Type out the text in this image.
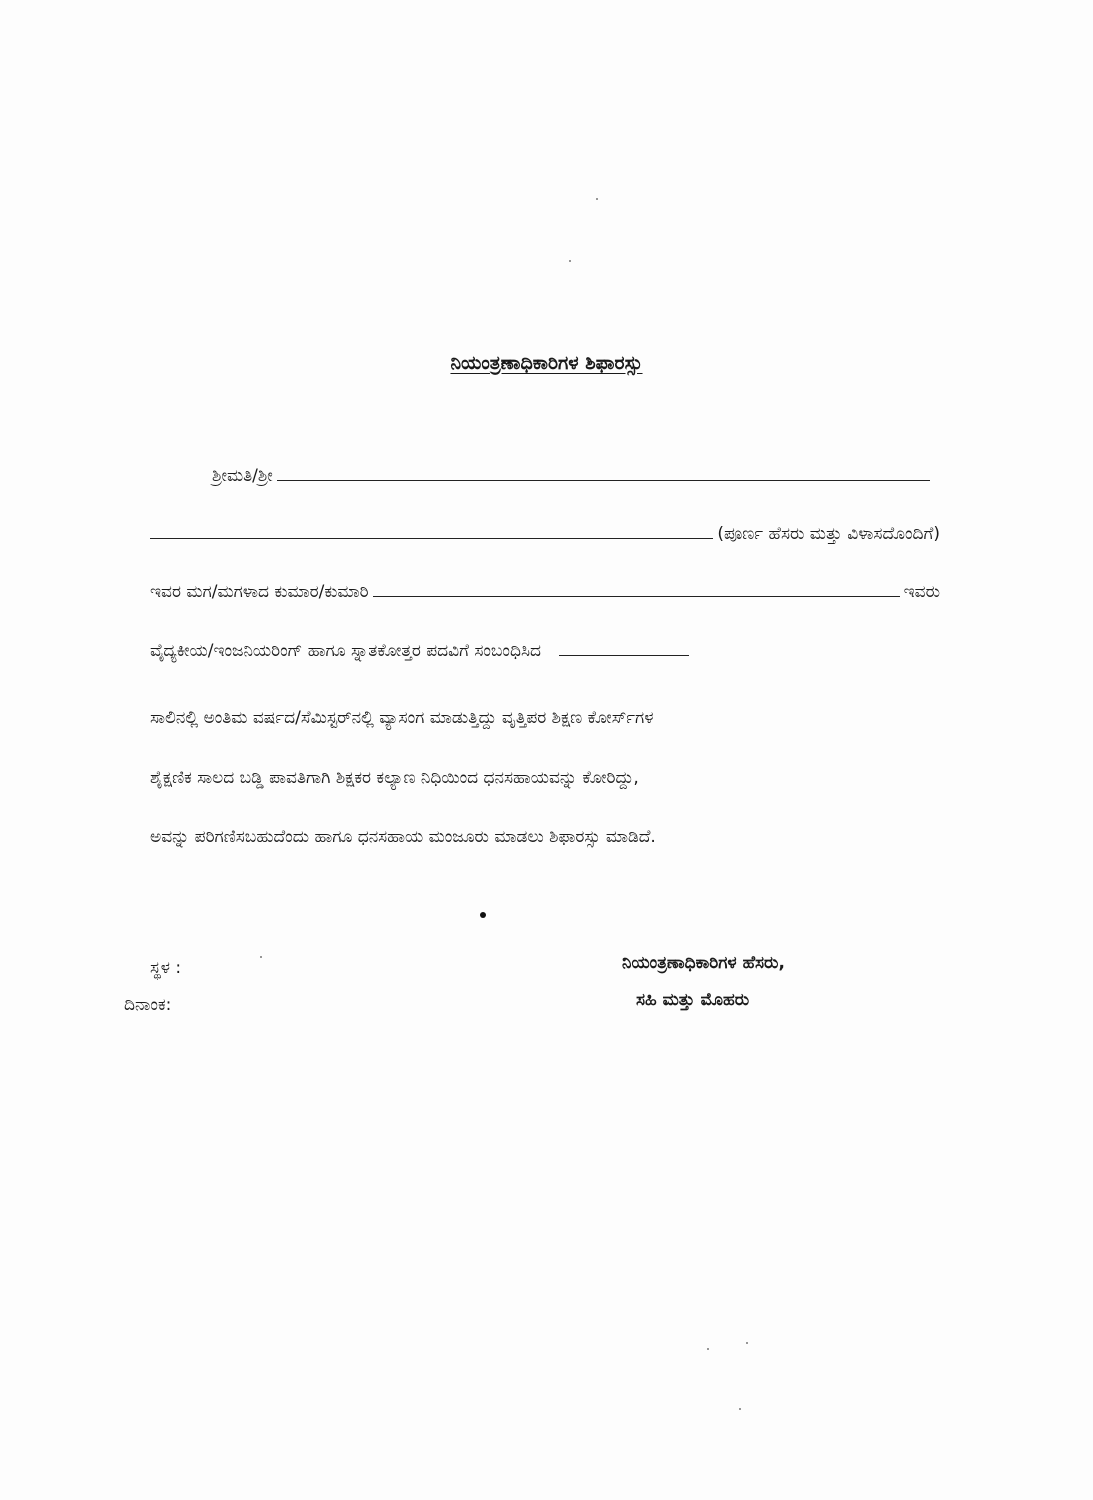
ನಿಯಂತ್ರಣಾಧಿಕಾರಿಗಳ ಶಿಫಾರಸ್ಸು
ಶ್ರೀಮತಿ/ಶ್ರೀ
(ಪೂರ್ಣ ಹೆಸರು ಮತ್ತು ವಿಳಾಸದೊಂದಿಗೆ)
ಇವರ ಮಗ/ಮಗಳಾದ ಕುಮಾರ/ಕುಮಾರಿ	ಇವರು
ವೈದ್ಯಕೀಯ/ಇಂಜನಿಯರಿಂಗ್ ಹಾಗೂ ಸ್ನಾತಕೋತ್ತರ ಪದವಿಗೆ ಸಂಬಂಧಿಸಿದ
ಸಾಲಿನಲ್ಲಿ ಅಂತಿಮ ವರ್ಷದ/ಸೆಮಿಸ್ಟರ್‌ನಲ್ಲಿ ವ್ಯಾಸಂಗ ಮಾಡುತ್ತಿದ್ದು ವೃತ್ತಿಪರ ಶಿಕ್ಷಣ ಕೋರ್ಸ್‌ಗಳ
ಶೈಕ್ಷಣಿಕ ಸಾಲದ ಬಡ್ಡಿ ಪಾವತಿಗಾಗಿ ಶಿಕ್ಷಕರ ಕಲ್ಯಾಣ ನಿಧಿಯಿಂದ ಧನಸಹಾಯವನ್ನು ಕೋರಿದ್ದು,
ಅವನ್ನು ಪರಿಗಣಿಸಬಹುದೆಂದು ಹಾಗೂ ಧನಸಹಾಯ ಮಂಜೂರು ಮಾಡಲು ಶಿಫಾರಸ್ಸು ಮಾಡಿದೆ.
ಸ್ಥಳ :
ದಿನಾಂಕ:
ನಿಯಂತ್ರಣಾಧಿಕಾರಿಗಳ ಹೆಸರು,
ಸಹಿ ಮತ್ತು ಮೊಹರು
